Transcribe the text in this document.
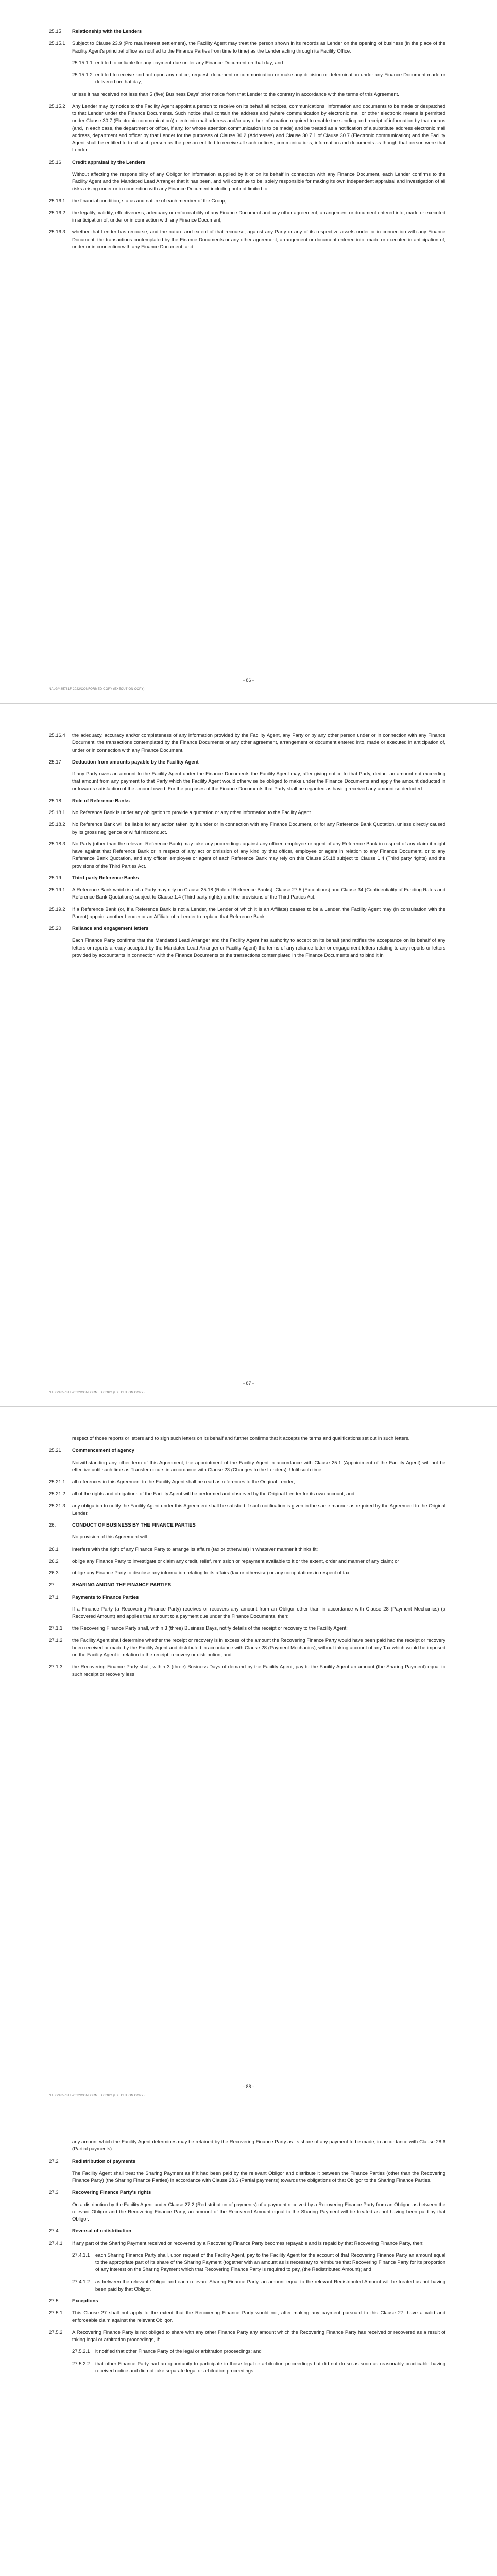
25.15	Relationship with the Lenders
25.15.1	Subject to Clause 23.9 (Pro rata interest settlement), the Facility Agent may treat the person shown in its records as Lender on the opening of business (in the place of the Facility Agent's principal office as notified to the Finance Parties from time to time) as the Lender acting through its Facility Office:
25.15.1.1 entitled to or liable for any payment due under any Finance Document on that day; and
25.15.1.2 entitled to receive and act upon any notice, request, document or communication or make any decision or determination under any Finance Document made or delivered on that day,
unless it has received not less than 5 (five) Business Days' prior notice from that Lender to the contrary in accordance with the terms of this Agreement.
25.15.2	Any Lender may by notice to the Facility Agent appoint a person to receive on its behalf all notices, communications, information and documents to be made or despatched to that Lender under the Finance Documents. Such notice shall contain the address and (where communication by electronic mail or other electronic means is permitted under Clause 30.7 (Electronic communication)) electronic mail address and/or any other information required to enable the sending and receipt of information by that means (and, in each case, the department or officer, if any, for whose attention communication is to be made) and be treated as a notification of a substitute address electronic mail address, department and officer by that Lender for the purposes of Clause 30.2 (Addresses) and Clause 30.7.1 of Clause 30.7 (Electronic communication) and the Facility Agent shall be entitled to treat such person as the person entitled to receive all such notices, communications, information and documents as though that person were that Lender.
25.16	Credit appraisal by the Lenders
Without affecting the responsibility of any Obligor for information supplied by it or on its behalf in connection with any Finance Document, each Lender confirms to the Facility Agent and the Mandated Lead Arranger that it has been, and will continue to be, solely responsible for making its own independent appraisal and investigation of all risks arising under or in connection with any Finance Document including but not limited to:
25.16.1	the financial condition, status and nature of each member of the Group;
25.16.2	the legality, validity, effectiveness, adequacy or enforceability of any Finance Document and any other agreement, arrangement or document entered into, made or executed in anticipation of, under or in connection with any Finance Document;
25.16.3	whether that Lender has recourse, and the nature and extent of that recourse, against any Party or any of its respective assets under or in connection with any Finance Document, the transactions contemplated by the Finance Documents or any other agreement, arrangement or document entered into, made or executed in anticipation of, under or in connection with any Finance Document; and
- 86 -
NALG/485781F-2022/CONFORMED COPY (EXECUTION COPY)
25.16.4	the adequacy, accuracy and/or completeness of any information provided by the Facility Agent, any Party or by any other person under or in connection with any Finance Document, the transactions contemplated by the Finance Documents or any other agreement, arrangement or document entered into, made or executed in anticipation of, under or in connection with any Finance Document.
25.17	Deduction from amounts payable by the Facility Agent
If any Party owes an amount to the Facility Agent under the Finance Documents the Facility Agent may, after giving notice to that Party, deduct an amount not exceeding that amount from any payment to that Party which the Facility Agent would otherwise be obliged to make under the Finance Documents and apply the amount deducted in or towards satisfaction of the amount owed. For the purposes of the Finance Documents that Party shall be regarded as having received any amount so deducted.
25.18	Role of Reference Banks
25.18.1	No Reference Bank is under any obligation to provide a quotation or any other information to the Facility Agent.
25.18.2	No Reference Bank will be liable for any action taken by it under or in connection with any Finance Document, or for any Reference Bank Quotation, unless directly caused by its gross negligence or wilful misconduct.
25.18.3	No Party (other than the relevant Reference Bank) may take any proceedings against any officer, employee or agent of any Reference Bank in respect of any claim it might have against that Reference Bank or in respect of any act or omission of any kind by that officer, employee or agent in relation to any Finance Document, or to any Reference Bank Quotation, and any officer, employee or agent of each Reference Bank may rely on this Clause 25.18 subject to Clause 1.4 (Third party rights) and the provisions of the Third Parties Act.
25.19	Third party Reference Banks
25.19.1	A Reference Bank which is not a Party may rely on Clause 25.18 (Role of Reference Banks), Clause 27.5 (Exceptions) and Clause 34 (Confidentiality of Funding Rates and Reference Bank Quotations) subject to Clause 1.4 (Third party rights) and the provisions of the Third Parties Act.
25.19.2	If a Reference Bank (or, if a Reference Bank is not a Lender, the Lender of which it is an Affiliate) ceases to be a Lender, the Facility Agent may (in consultation with the Parent) appoint another Lender or an Affiliate of a Lender to replace that Reference Bank.
25.20	Reliance and engagement letters
Each Finance Party confirms that the Mandated Lead Arranger and the Facility Agent has authority to accept on its behalf (and ratifies the acceptance on its behalf of any letters or reports already accepted by the Mandated Lead Arranger or Facility Agent) the terms of any reliance letter or engagement letters relating to any reports or letters provided by accountants in connection with the Finance Documents or the transactions contemplated in the Finance Documents and to bind it in
- 87 -
NALG/485781F-2022/CONFORMED COPY (EXECUTION COPY)
respect of those reports or letters and to sign such letters on its behalf and further confirms that it accepts the terms and qualifications set out in such letters.
25.21	Commencement of agency
Notwithstanding any other term of this Agreement, the appointment of the Facility Agent in accordance with Clause 25.1 (Appointment of the Facility Agent) will not be effective until such time as Transfer occurs in accordance with Clause 23 (Changes to the Lenders). Until such time:
25.21.1	all references in this Agreement to the Facility Agent shall be read as references to the Original Lender;
25.21.2	all of the rights and obligations of the Facility Agent will be performed and observed by the Original Lender for its own account; and
25.21.3	any obligation to notify the Facility Agent under this Agreement shall be satisfied if such notification is given in the same manner as required by the Agreement to the Original Lender.
26.	CONDUCT OF BUSINESS BY THE FINANCE PARTIES
No provision of this Agreement will:
26.1	interfere with the right of any Finance Party to arrange its affairs (tax or otherwise) in whatever manner it thinks fit;
26.2	oblige any Finance Party to investigate or claim any credit, relief, remission or repayment available to it or the extent, order and manner of any claim; or
26.3	oblige any Finance Party to disclose any information relating to its affairs (tax or otherwise) or any computations in respect of tax.
27.	SHARING AMONG THE FINANCE PARTIES
27.1	Payments to Finance Parties
If a Finance Party (a Recovering Finance Party) receives or recovers any amount from an Obligor other than in accordance with Clause 28 (Payment Mechanics) (a Recovered Amount) and applies that amount to a payment due under the Finance Documents, then:
27.1.1	the Recovering Finance Party shall, within 3 (three) Business Days, notify details of the receipt or recovery to the Facility Agent;
27.1.2	the Facility Agent shall determine whether the receipt or recovery is in excess of the amount the Recovering Finance Party would have been paid had the receipt or recovery been received or made by the Facility Agent and distributed in accordance with Clause 28 (Payment Mechanics), without taking account of any Tax which would be imposed on the Facility Agent in relation to the receipt, recovery or distribution; and
27.1.3	the Recovering Finance Party shall, within 3 (three) Business Days of demand by the Facility Agent, pay to the Facility Agent an amount (the Sharing Payment) equal to such receipt or recovery less
- 88 -
NALG/485781F-2022/CONFORMED COPY (EXECUTION COPY)
any amount which the Facility Agent determines may be retained by the Recovering Finance Party as its share of any payment to be made, in accordance with Clause 28.6 (Partial payments).
27.2	Redistribution of payments
The Facility Agent shall treat the Sharing Payment as if it had been paid by the relevant Obligor and distribute it between the Finance Parties (other than the Recovering Finance Party) (the Sharing Finance Parties) in accordance with Clause 28.6 (Partial payments) towards the obligations of that Obligor to the Sharing Finance Parties.
27.3	Recovering Finance Party's rights
On a distribution by the Facility Agent under Clause 27.2 (Redistribution of payments) of a payment received by a Recovering Finance Party from an Obligor, as between the relevant Obligor and the Recovering Finance Party, an amount of the Recovered Amount equal to the Sharing Payment will be treated as not having been paid by that Obligor.
27.4	Reversal of redistribution
27.4.1	If any part of the Sharing Payment received or recovered by a Recovering Finance Party becomes repayable and is repaid by that Recovering Finance Party, then:
27.4.1.1	each Sharing Finance Party shall, upon request of the Facility Agent, pay to the Facility Agent for the account of that Recovering Finance Party an amount equal to the appropriate part of its share of the Sharing Payment (together with an amount as is necessary to reimburse that Recovering Finance Party for its proportion of any interest on the Sharing Payment which that Recovering Finance Party is required to pay, (the Redistributed Amount); and
27.4.1.2	as between the relevant Obligor and each relevant Sharing Finance Party, an amount equal to the relevant Redistributed Amount will be treated as not having been paid by that Obligor.
27.5	Exceptions
27.5.1	This Clause 27 shall not apply to the extent that the Recovering Finance Party would not, after making any payment pursuant to this Clause 27, have a valid and enforceable claim against the relevant Obligor.
27.5.2	A Recovering Finance Party is not obliged to share with any other Finance Party any amount which the Recovering Finance Party has received or recovered as a result of taking legal or arbitration proceedings, if:
27.5.2.1	it notified that other Finance Party of the legal or arbitration proceedings; and
27.5.2.2	that other Finance Party had an opportunity to participate in those legal or arbitration proceedings but did not do so as soon as reasonably practicable having received notice and did not take separate legal or arbitration proceedings.
